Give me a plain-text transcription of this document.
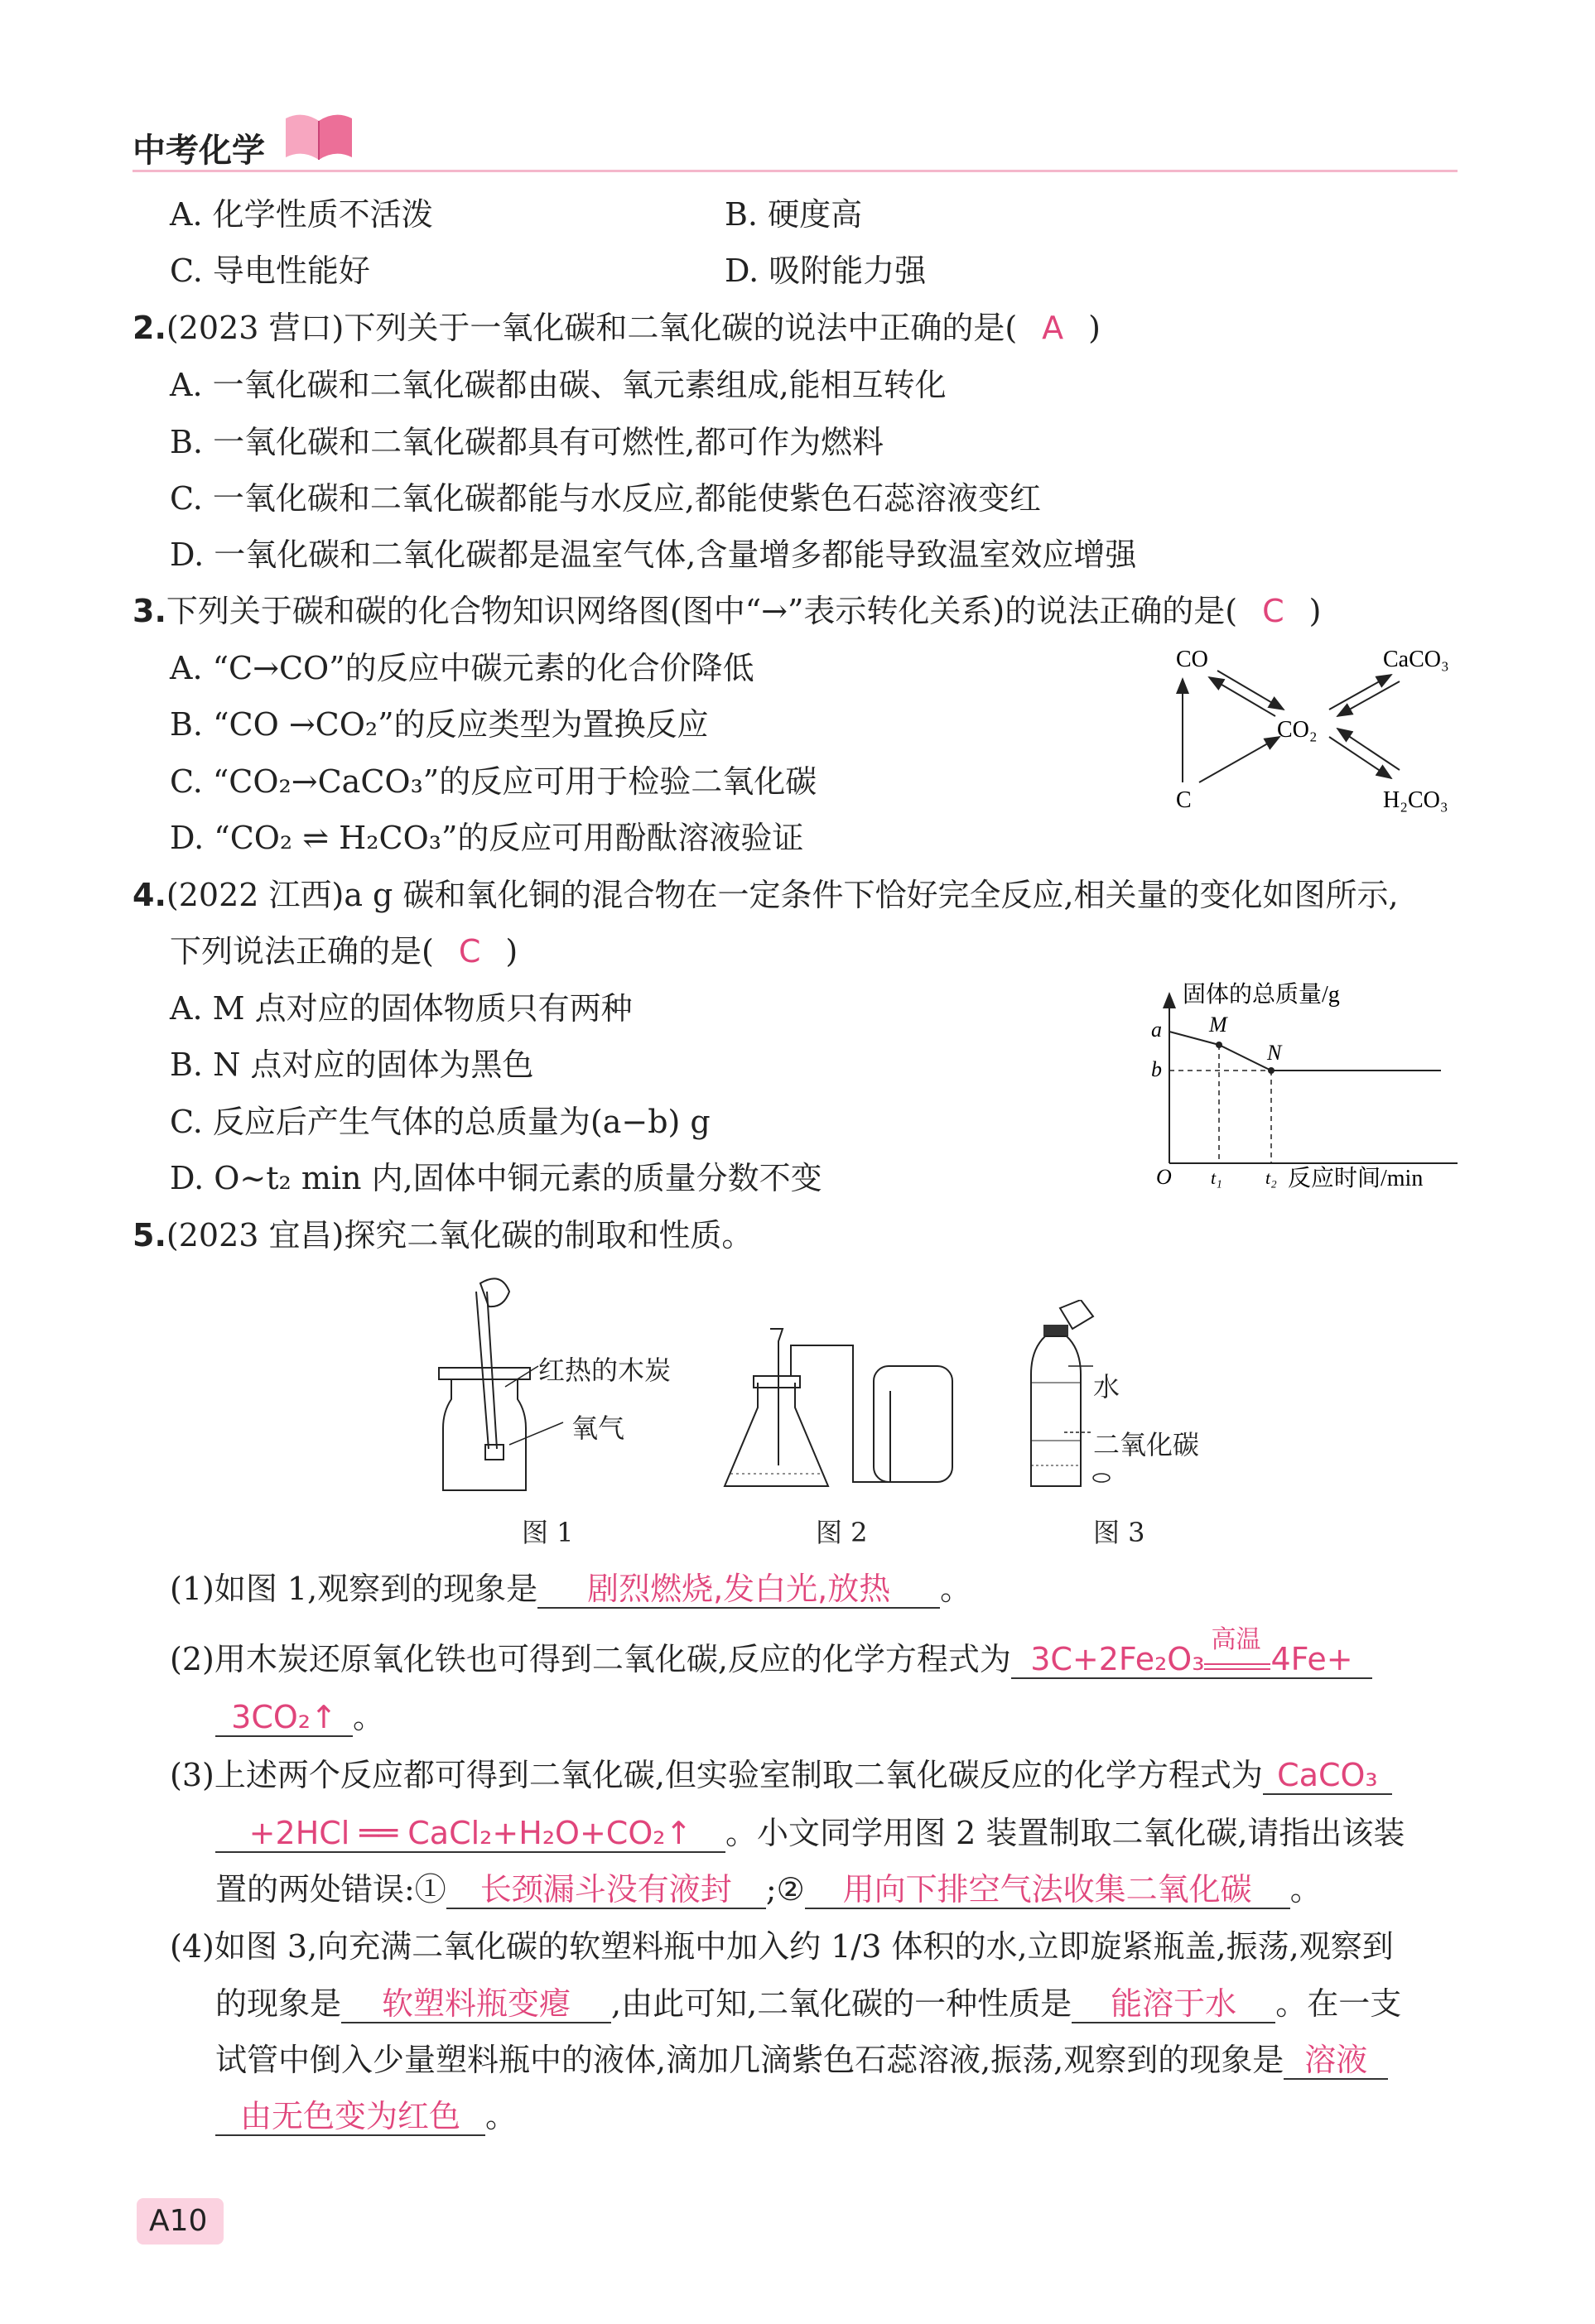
中考化学
A. 化学性质不活泼	B. 硬度高
C. 导电性能好	D. 吸附能力强
2.(2023 营口)下列关于一氧化碳和二氧化碳的说法中正确的是( A )
A. 一氧化碳和二氧化碳都由碳、氧元素组成,能相互转化
B. 一氧化碳和二氧化碳都具有可燃性,都可作为燃料
C. 一氧化碳和二氧化碳都能与水反应,都能使紫色石蕊溶液变红
D. 一氧化碳和二氧化碳都是温室气体,含量增多都能导致温室效应增强
3.下列关于碳和碳的化合物知识网络图(图中“→”表示转化关系)的说法正确的是( C )
A. “C→CO”的反应中碳元素的化合价降低
B. “CO →CO₂”的反应类型为置换反应
C. “CO₂→CaCO₃”的反应可用于检验二氧化碳
D. “CO₂ ⇌ H₂CO₃”的反应可用酚酞溶液验证
CO	CaCO₃
CO₂
C	H₂CO₃
4.(2022 江西)a g 碳和氧化铜的混合物在一定条件下恰好完全反应,相关量的变化如图所示,
下列说法正确的是( C )
A. M 点对应的固体物质只有两种
B. N 点对应的固体为黑色
C. 反应后产生气体的总质量为(a−b) g
D. O~t₂ min 内,固体中铜元素的质量分数不变
固体的总质量/g
反应时间/min
O
a
b
t₁ t₂
M
N
5.(2023 宜昌)探究二氧化碳的制取和性质。
红热的木炭
氧气
图 1	图 2
水
二氧化碳
图 3
(1)如图 1,观察到的现象是 剧烈燃烧,发白光,放热 。
(2)用木炭还原氧化铁也可得到二氧化碳,反应的化学方程式为 3C+2Fe₂O₃
高温
4Fe+
3CO₂↑ 。
(3)上述两个反应都可得到二氧化碳,但实验室制取二氧化碳反应的化学方程式为 CaCO₃
+2HCl ══ CaCl₂+H₂O+CO₂↑ 。小文同学用图 2 装置制取二氧化碳,请指出该装
置的两处错误:① 长颈漏斗没有液封 ;② 用向下排空气法收集二氧化碳 。
(4)如图 3,向充满二氧化碳的软塑料瓶中加入约 1/3 体积的水,立即旋紧瓶盖,振荡,观察到
的现象是 软塑料瓶变瘪 ,由此可知,二氧化碳的一种性质是 能溶于水 。在一支
试管中倒入少量塑料瓶中的液体,滴加几滴紫色石蕊溶液,振荡,观察到的现象是 溶液
由无色变为红色 。
A10
